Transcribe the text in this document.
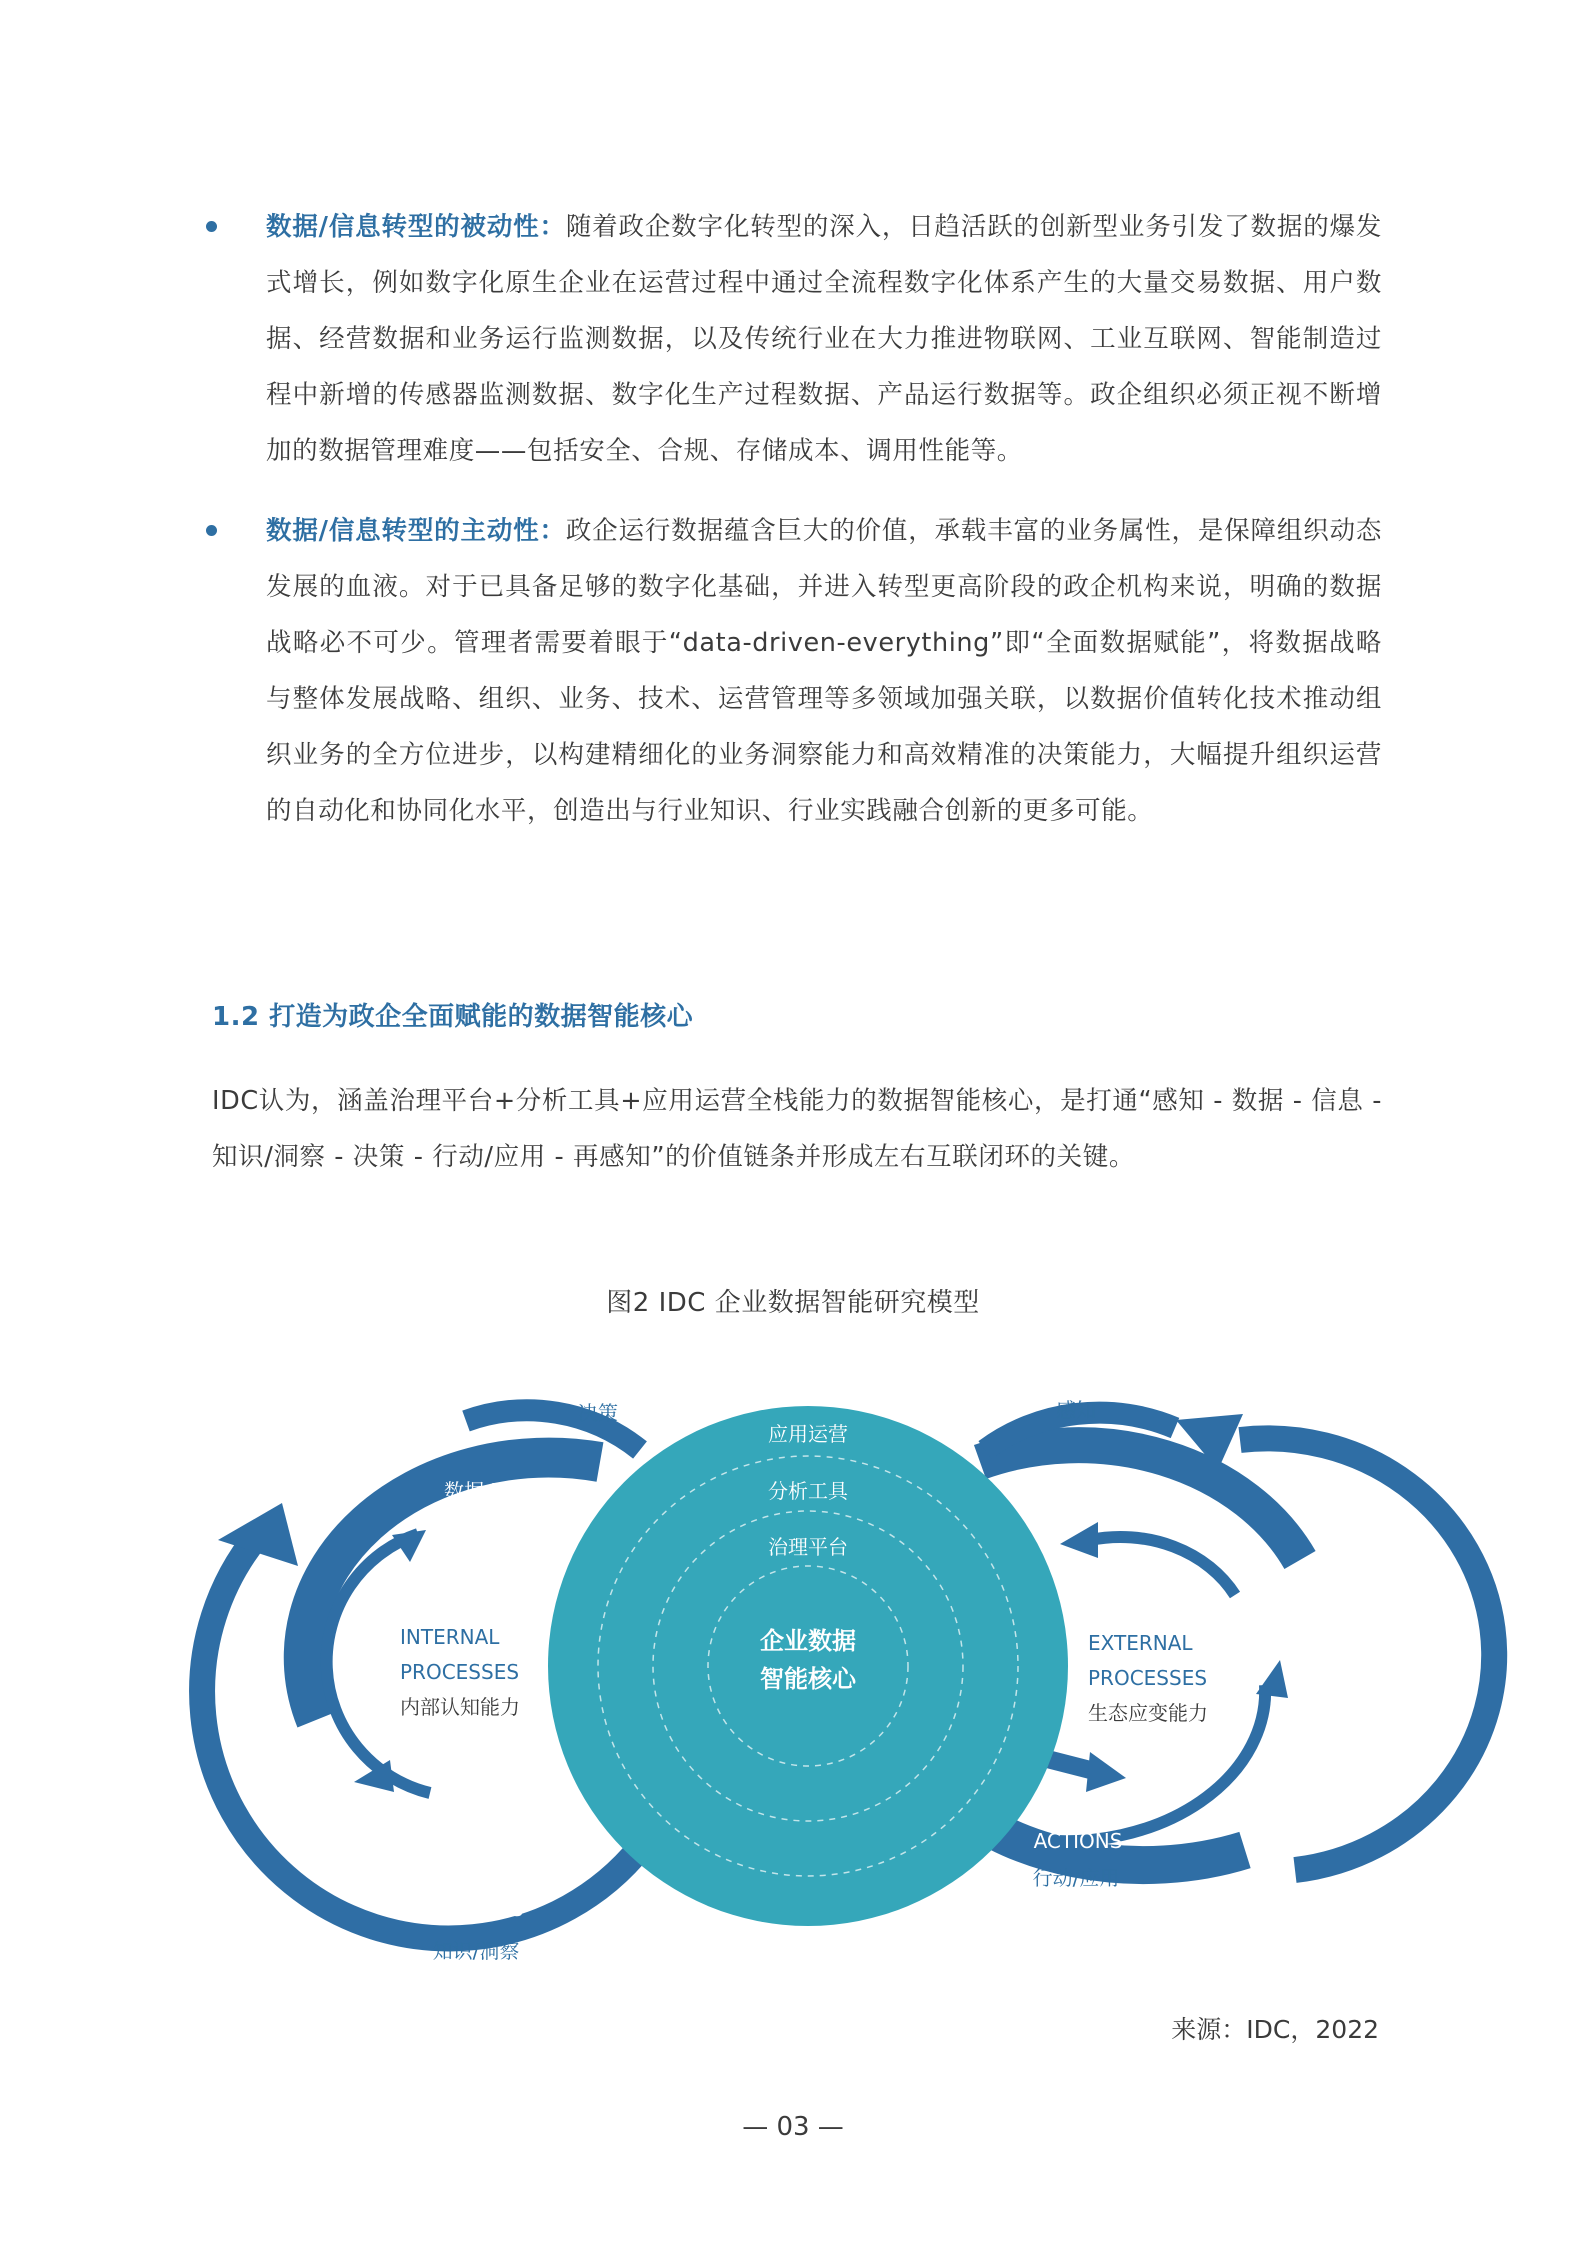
数据/信息转型的被动性：随着政企数字化转型的深入，日趋活跃的创新型业务引发了数据的爆发式增长，例如数字化原生企业在运营过程中通过全流程数字化体系产生的大量交易数据、用户数据、经营数据和业务运行监测数据，以及传统行业在大力推进物联网、工业互联网、智能制造过程中新增的传感器监测数据、数字化生产过程数据、产品运行数据等。政企组织必须正视不断增加的数据管理难度——包括安全、合规、存储成本、调用性能等。

数据/信息转型的主动性：政企运行数据蕴含巨大的价值，承载丰富的业务属性，是保障组织动态发展的血液。对于已具备足够的数字化基础，并进入转型更高阶段的政企机构来说，明确的数据战略必不可少。管理者需要着眼于“data-driven-everything”即“全面数据赋能”，将数据战略与整体发展战略、组织、业务、技术、运营管理等多领域加强关联，以数据价值转化技术推动组织业务的全方位进步，以构建精细化的业务洞察能力和高效精准的决策能力，大幅提升组织运营的自动化和协同化水平，创造出与行业知识、行业实践融合创新的更多可能。

1.2 打造为政企全面赋能的数据智能核心

IDC认为，涵盖治理平台+分析工具+应用运营全栈能力的数据智能核心，是打通“感知 - 数据 - 信息 - 知识/洞察 - 决策 - 行动/应用 - 再感知”的价值链条并形成左右互联闭环的关键。

图2 IDC 企业数据智能研究模型

应用运营
分析工具
治理平台
企业数据
智能核心
决策
数据 DATA
INTERNAL
PROCESSES
内部认知能力
INSIGHTS
知识/洞察
感知
数据 DATA
EXTERNAL
PROCESSES
生态应变能力
ACTIONS
行动/应用

来源：IDC，2022

— 03 —
